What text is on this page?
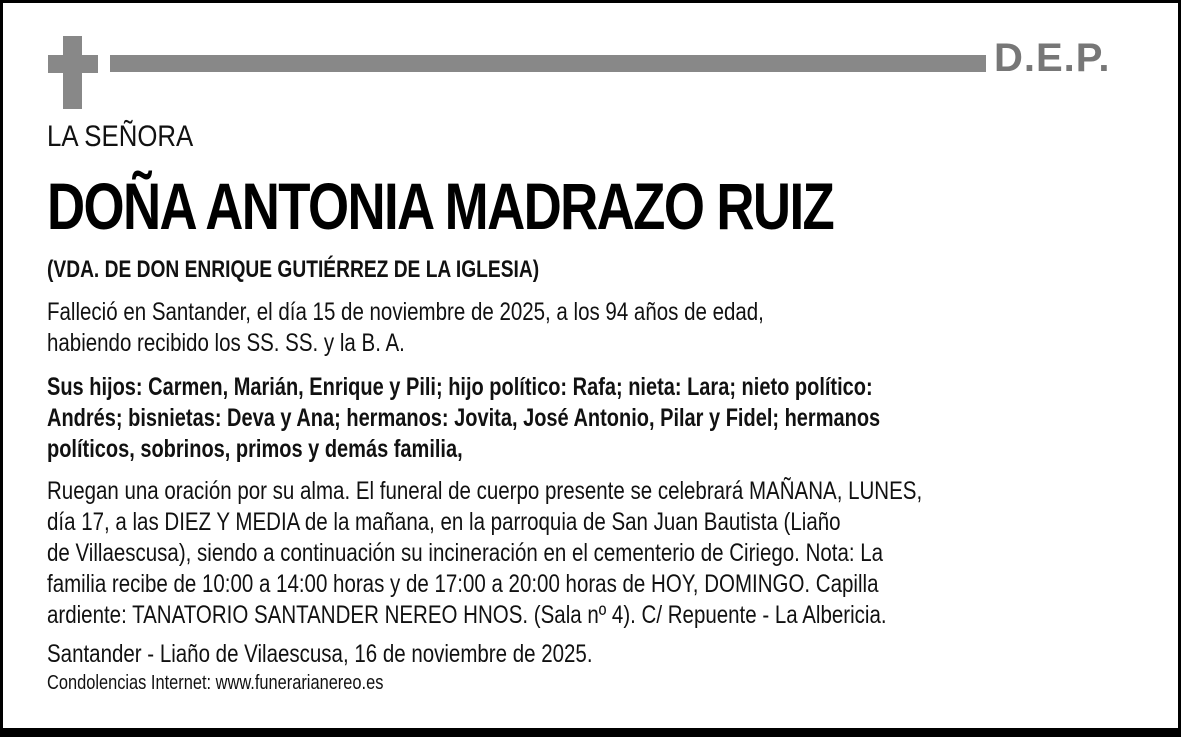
D.E.P.
LA SEÑORA
DOÑA ANTONIA MADRAZO RUIZ
(VDA. DE DON ENRIQUE GUTIÉRREZ DE LA IGLESIA)
Falleció en Santander, el día 15 de noviembre de 2025, a los 94 años de edad,
habiendo recibido los SS. SS. y la B. A.
Sus hijos: Carmen, Marián, Enrique y Pili; hijo político: Rafa; nieta: Lara; nieto político:
Andrés; bisnietas: Deva y Ana; hermanos: Jovita, José Antonio, Pilar y Fidel; hermanos
políticos, sobrinos, primos y demás familia,
Ruegan una oración por su alma. El funeral de cuerpo presente se celebrará MAÑANA, LUNES,
día 17, a las DIEZ Y MEDIA de la mañana, en la parroquia de San Juan Bautista (Liaño
de Villaescusa), siendo a continuación su incineración en el cementerio de Ciriego. Nota: La
familia recibe de 10:00 a 14:00 horas y de 17:00 a 20:00 horas de HOY, DOMINGO. Capilla
ardiente: TANATORIO SANTANDER NEREO HNOS. (Sala nº 4). C/ Repuente - La Albericia.
Santander - Liaño de Vilaescusa, 16 de noviembre de 2025.
Condolencias Internet: www.funerarianereo.es
